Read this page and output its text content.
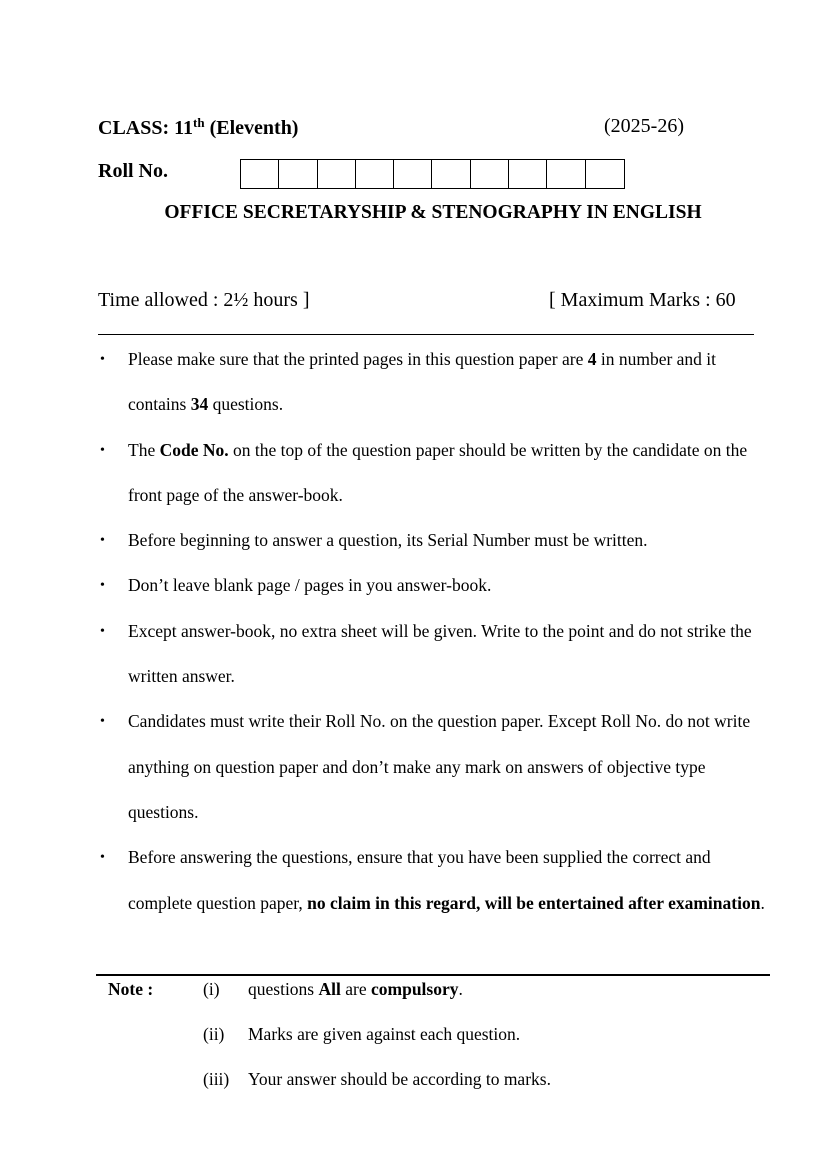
CLASS: 11th (Eleventh)	(2025-26)
Roll No.
OFFICE SECRETARYSHIP & STENOGRAPHY IN ENGLISH
Time allowed : 2½ hours ]	[ Maximum Marks : 60
• Please make sure that the printed pages in this question paper are 4 in number and it contains 34 questions.
• The Code No. on the top of the question paper should be written by the candidate on the front page of the answer-book.
• Before beginning to answer a question, its Serial Number must be written.
• Don’t leave blank page / pages in you answer-book.
• Except answer-book, no extra sheet will be given. Write to the point and do not strike the written answer.
• Candidates must write their Roll No. on the question paper. Except Roll No. do not write anything on question paper and don’t make any mark on answers of objective type questions.
• Before answering the questions, ensure that you have been supplied the correct and complete question paper, no claim in this regard, will be entertained after examination.
Note :	(i) questions All are compulsory.
(ii) Marks are given against each question.
(iii) Your answer should be according to marks.
